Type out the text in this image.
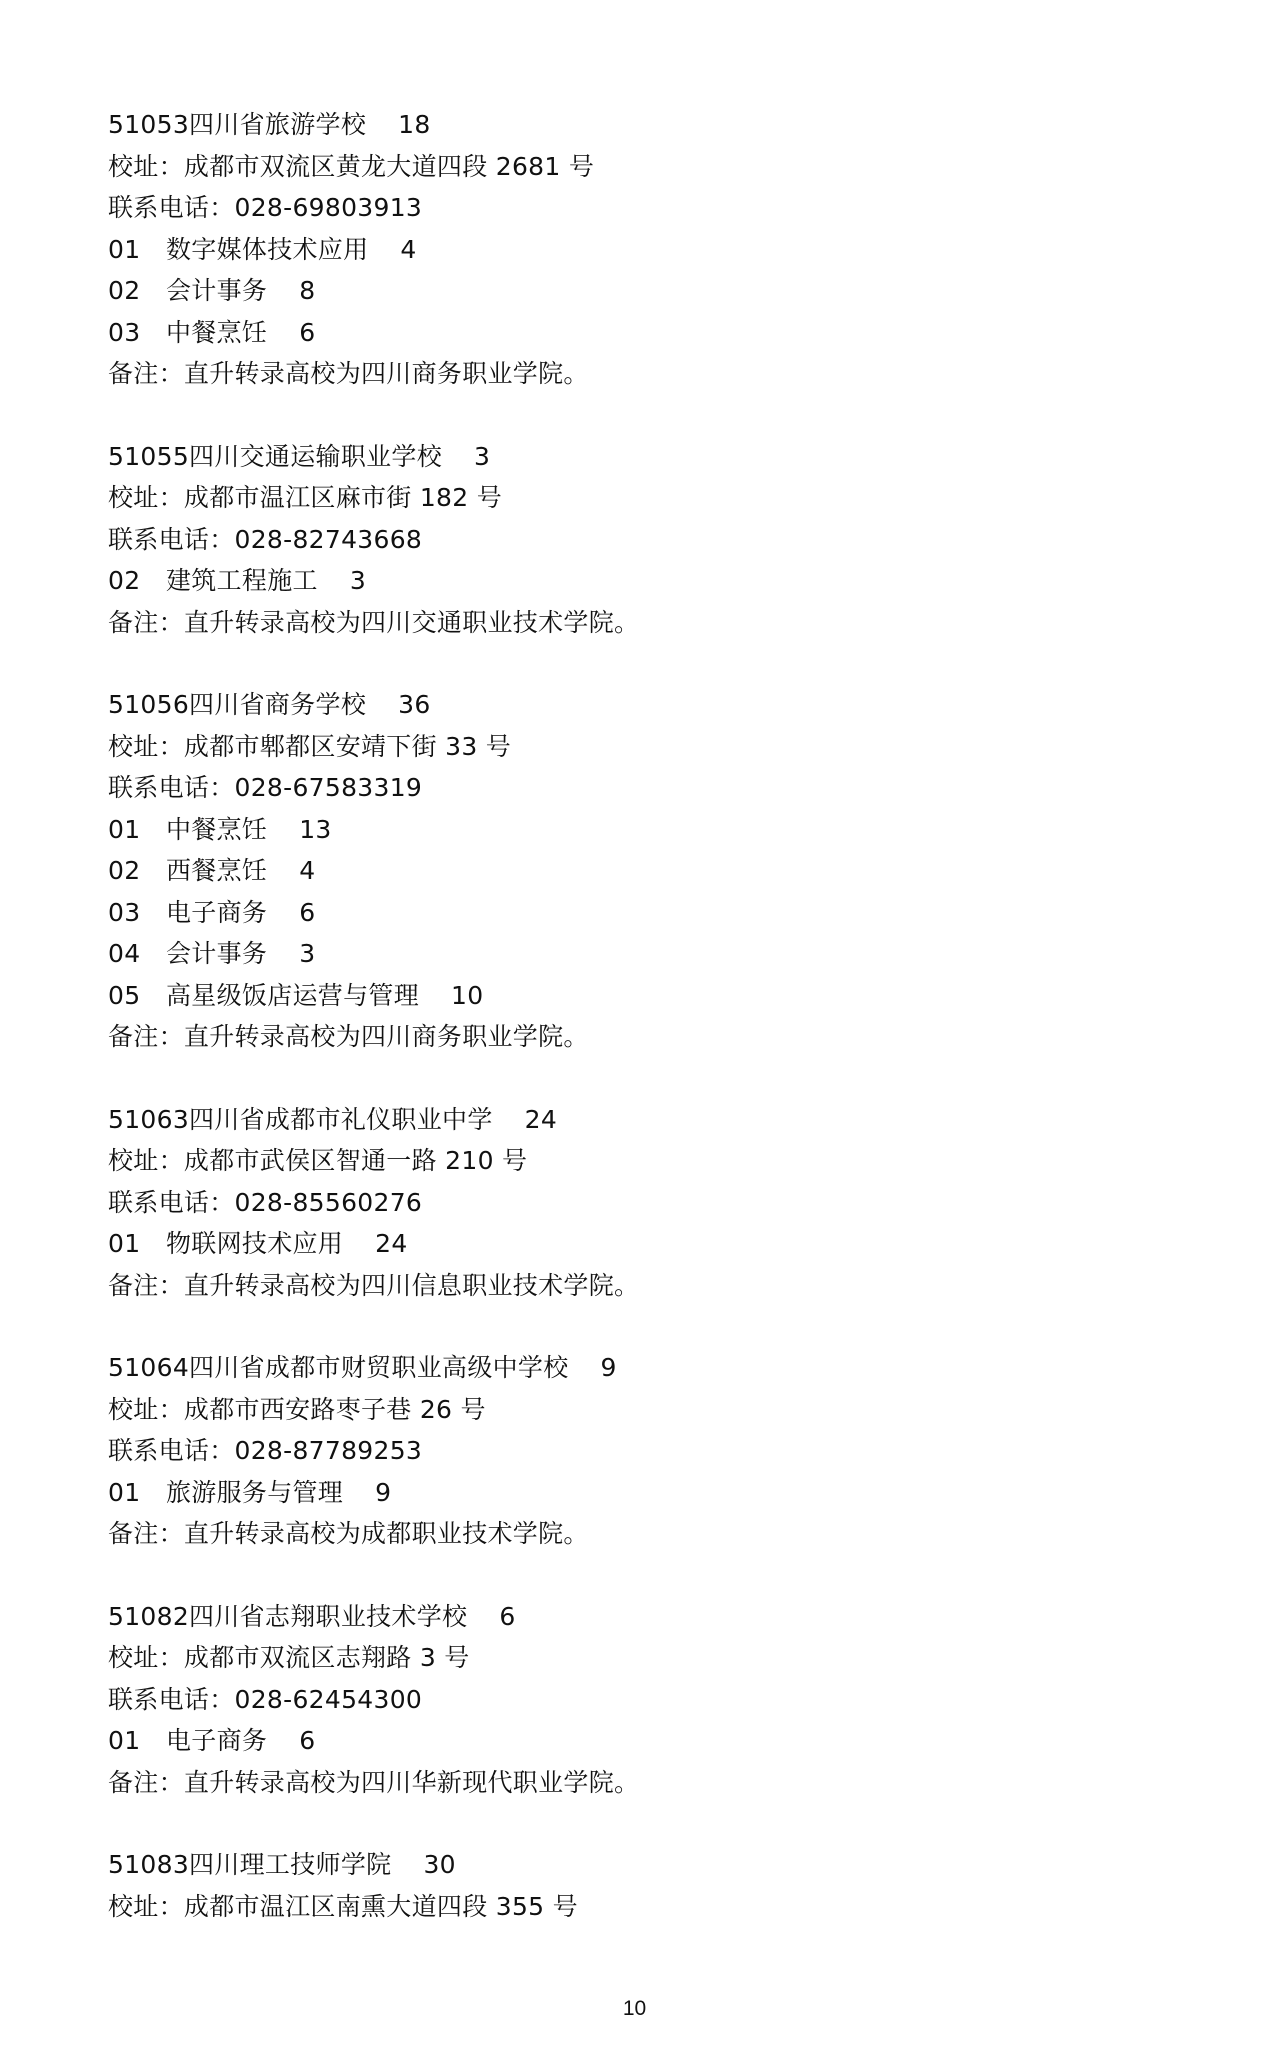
51053四川省旅游学校 18
校址：成都市双流区黄龙大道四段 2681 号
联系电话：028-69803913
01 数字媒体技术应用 4
02 会计事务 8
03 中餐烹饪 6
备注：直升转录高校为四川商务职业学院。
51055四川交通运输职业学校 3
校址：成都市温江区麻市街 182 号
联系电话：028-82743668
02 建筑工程施工 3
备注：直升转录高校为四川交通职业技术学院。
51056四川省商务学校 36
校址：成都市郫都区安靖下街 33 号
联系电话：028-67583319
01 中餐烹饪 13
02 西餐烹饪 4
03 电子商务 6
04 会计事务 3
05 高星级饭店运营与管理 10
备注：直升转录高校为四川商务职业学院。
51063四川省成都市礼仪职业中学 24
校址：成都市武侯区智通一路 210 号
联系电话：028-85560276
01 物联网技术应用 24
备注：直升转录高校为四川信息职业技术学院。
51064四川省成都市财贸职业高级中学校 9
校址：成都市西安路枣子巷 26 号
联系电话：028-87789253
01 旅游服务与管理 9
备注：直升转录高校为成都职业技术学院。
51082四川省志翔职业技术学校 6
校址：成都市双流区志翔路 3 号
联系电话：028-62454300
01 电子商务 6
备注：直升转录高校为四川华新现代职业学院。
51083四川理工技师学院 30
校址：成都市温江区南熏大道四段 355 号
10
